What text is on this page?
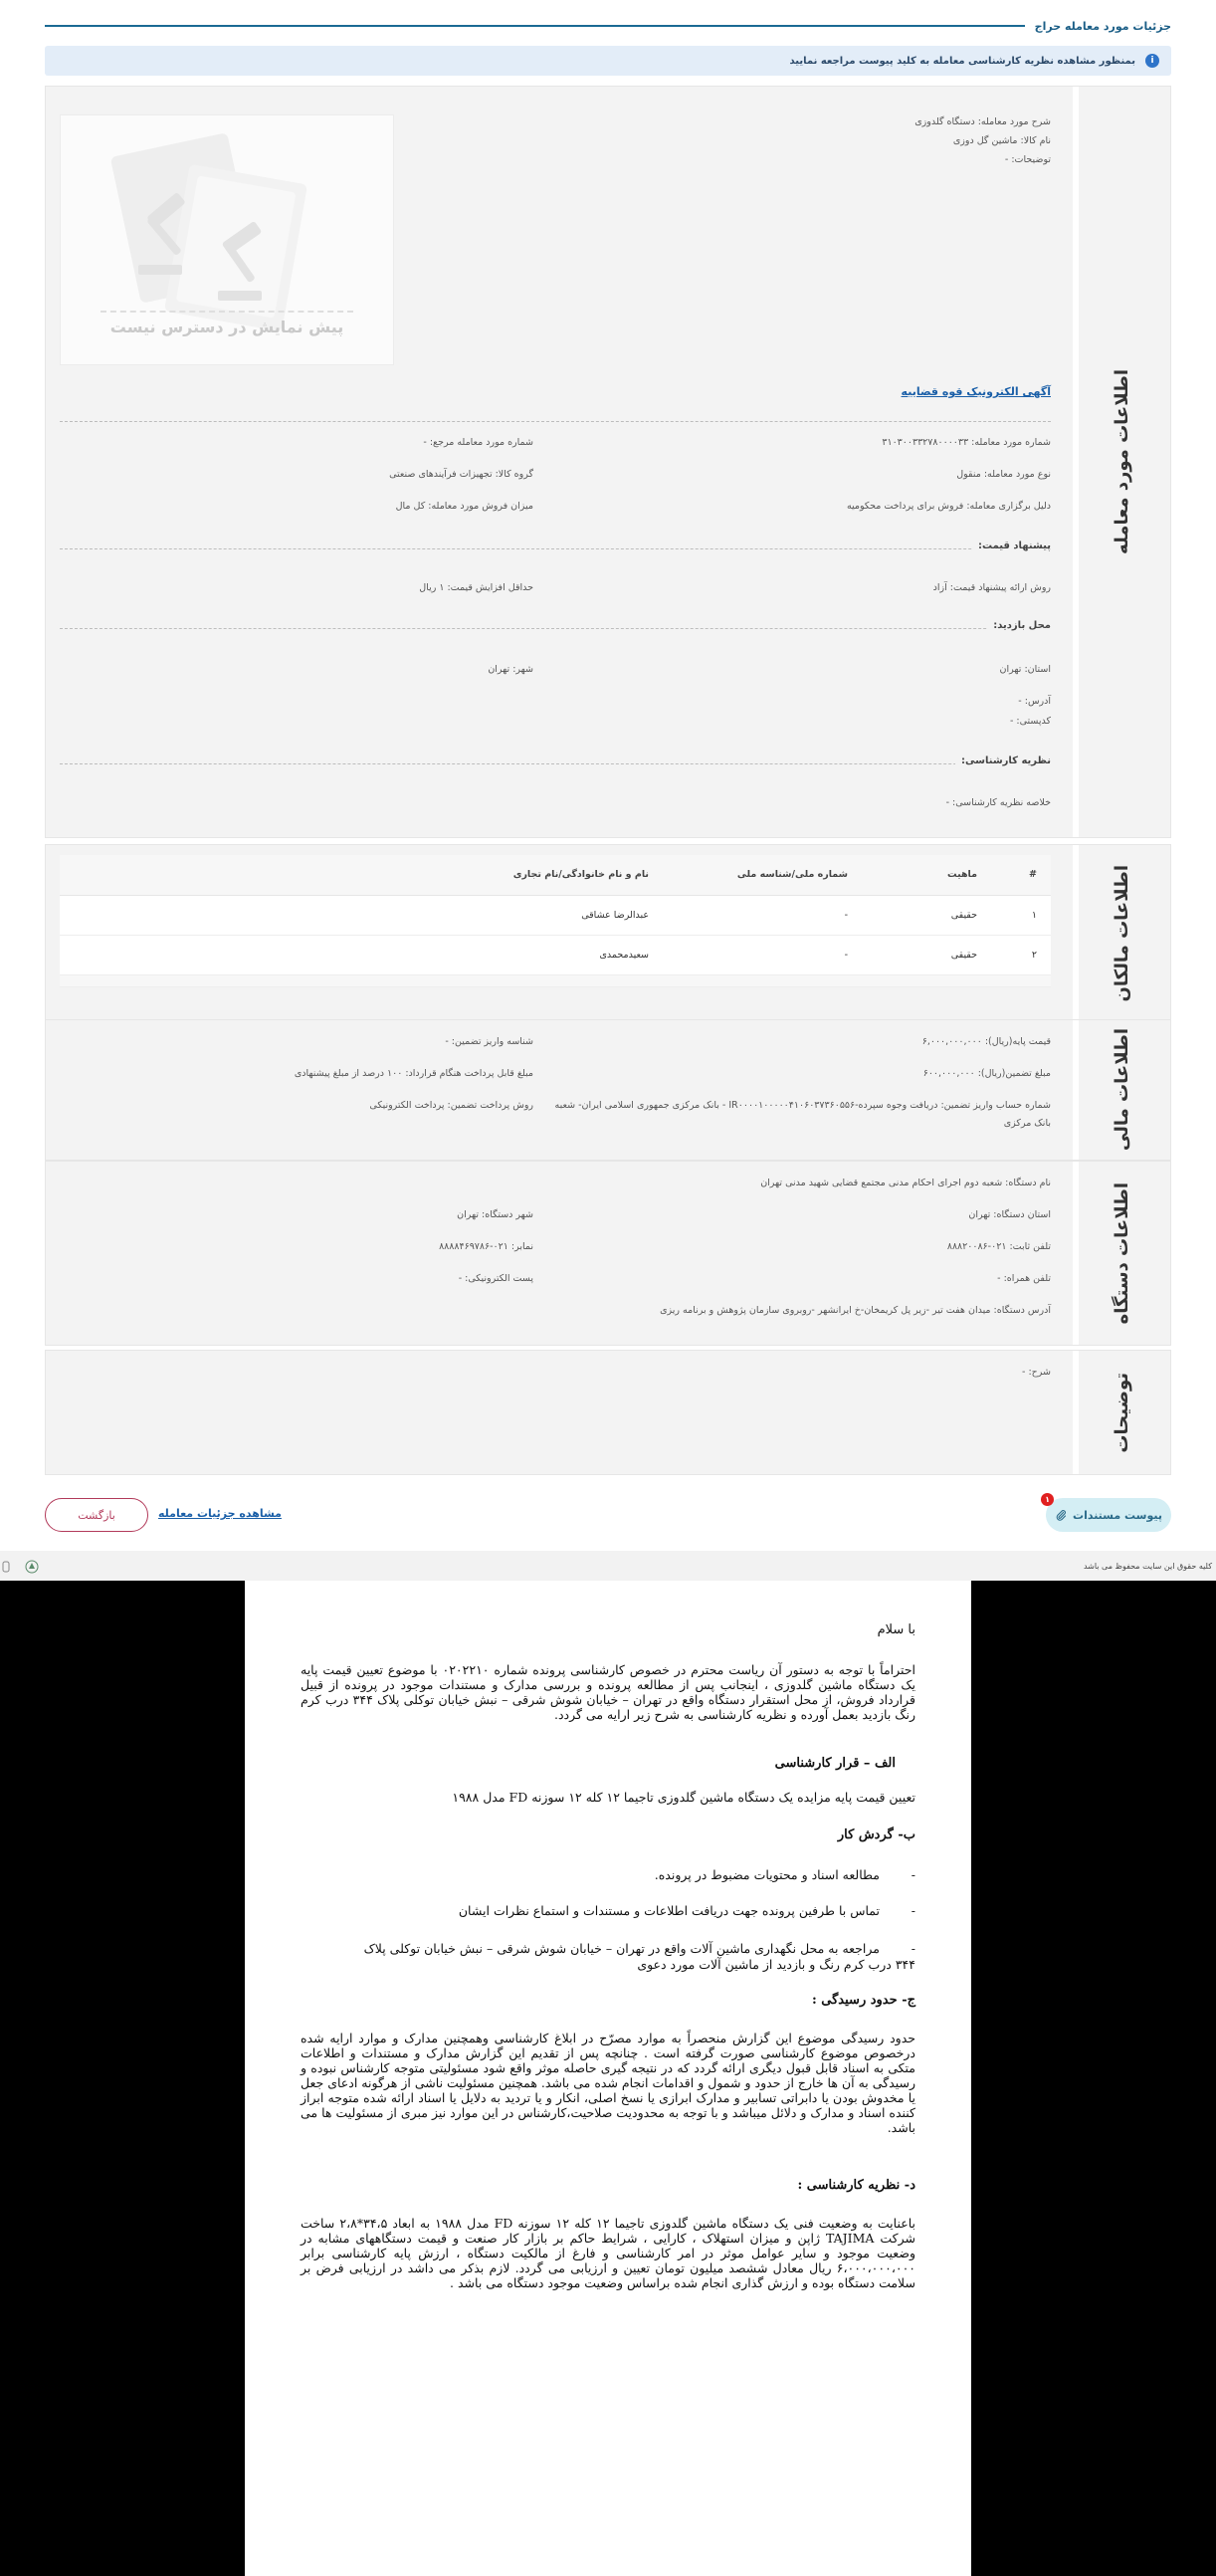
جزئیات مورد معامله حراج
i
بمنظور مشاهده نظریه کارشناسی معامله به کلید پیوست مراجعه نمایید
اطلاعات مورد معامله
شرح مورد معامله: دستگاه گلدوزی
نام کالا: ماشین گل دوزی
توضیحات: -
پیش نمایش در دسترس نیست
آگهی الکترونیک قوه قضاییه
شماره مورد معامله: ۳۱۰۳۰۰۳۳۲۷۸۰۰۰۰۳۳
شماره مورد معامله مرجع: -
نوع مورد معامله: منقول
گروه کالا: تجهیزات فرآیندهای صنعتی
دلیل برگزاری معامله: فروش برای پرداخت محکومیه
میزان فروش مورد معامله: کل مال
پیشنهاد قیمت:
روش ارائه پیشنهاد قیمت: آزاد
حداقل افزایش قیمت: ۱ ریال
محل بازدید:
استان: تهران
شهر: تهران
آدرس: -
کدپستی: -
نظریه کارشناسی:
خلاصه نظریه کارشناسی: -
اطلاعات مالکان
#	ماهیت	شماره ملی/شناسه ملی	نام و نام خانوادگی/نام تجاری
۱	حقیقی	-	عبدالرضا عشاقی
۲	حقیقی	-	سعیدمحمدی

اطلاعات مالی
قیمت پایه(ریال): ۶,۰۰۰,۰۰۰,۰۰۰
شناسه واریز تضمین: -
مبلغ تضمین(ریال): ۶۰۰,۰۰۰,۰۰۰
مبلغ قابل پرداخت هنگام قرارداد: ۱۰۰ درصد از مبلغ پیشنهادی
شماره حساب واریز تضمین: دریافت وجوه سپرده-IR۰۰۰۰۱۰۰۰۰۰۴۱۰۶۰۳۷۳۶۰۵۵۶ - بانک مرکزی جمهوری اسلامی ایران- شعبه
بانک مرکزی
روش پرداخت تضمین: پرداخت الکترونیکی
اطلاعات دستگاه
نام دستگاه: شعبه دوم اجرای احکام مدنی مجتمع قضایی شهید مدنی تهران
استان دستگاه: تهران
شهر دستگاه: تهران
تلفن ثابت: ۰۲۱-۸۸۸۲۰۰۸۶
نمابر: ۰۲۱-۸۸۸۸۴۶۹۷۸۶
تلفن همراه: -
پست الکترونیکی: -
آدرس دستگاه: میدان هفت تیر -زیر پل کریمخان-خ ایرانشهر -روبروی سازمان پژوهش و برنامه ریزی
توضیحات
شرح: -
پیوست مستندات
۱
بازگشت	مشاهده جزئیات معامله
کلیه حقوق این سایت محفوظ می باشد
با سلام
احتراماً با توجه به دستور آن ریاست محترم در خصوص کارشناسی پرونده شماره ۰۲۰۲۲۱۰ با موضوع تعیین قیمت پایه یک دستگاه ماشین گلدوزی ، اینجانب پس از مطالعه پرونده و بررسی مدارک و مستندات موجود در پرونده از قبیل قرارداد فروش، از محل استقرار دستگاه واقع در تهران – خیابان شوش شرقی – نبش خیابان توکلی پلاک ۳۴۴ درب کرم رنگ بازدید بعمل آورده و نظریه کارشناسی به شرح زیر ارایه می گردد.
الف – قرار کارشناسی
تعیین قیمت پایه مزایده یک دستگاه ماشین گلدوزی تاجیما ۱۲ کله ۱۲ سوزنه FD مدل ۱۹۸۸
ب- گردش کار
-        مطالعه اسناد و محتویات مضبوط در پرونده.
-        تماس با طرفین پرونده جهت دریافت اطلاعات و مستندات و استماع نظرات ایشان
-        مراجعه به محل نگهداری ماشین آلات واقع در تهران – خیابان شوش شرقی – نبش خیابان توکلی پلاک
۳۴۴ درب کرم رنگ و بازدید از ماشین آلات مورد دعوی
ج- حدود رسیدگی :
حدود رسیدگی موضوع این گزارش منحصراً به موارد مصرّح در ابلاغ کارشناسی وهمچنین مدارک و موارد ارایه شده درخصوص موضوع کارشناسی صورت گرفته است . چنانچه پس از تقدیم این گزارش مدارک و مستندات و اطلاعات متکی به اسناد قابل قبول دیگری ارائه گردد که در نتیجه گیری حاصله موثر واقع شود مسئولیتی متوجه کارشناس نبوده و رسیدگی به آن ها خارج از حدود و شمول و اقدامات انجام شده می باشد. همچنین مسئولیت ناشی از هرگونه ادعای جعل یا مخدوش بودن یا دابراتی تسابیر و مدارک ابرازی یا نسخ اصلی، انکار و یا تردید به دلایل یا اسناد ارائه شده متوجه ابراز کننده اسناد و مدارک و دلائل میباشد و با توجه به محدودیت صلاحیت،کارشناس در این موارد نیز مبری از مسئولیت ها می باشد.
د- نظریه کارشناسی :
باعنایت به وضعیت فنی یک دستگاه ماشین گلدوزی تاجیما ۱۲ کله ۱۲ سوزنه FD مدل ۱۹۸۸ به ابعاد ۳۴،۵*۲،۸ ساخت شرکت TAJIMA ژاپن و میزان استهلاک ، کارایی ، شرایط حاکم بر بازار کار صنعت و قیمت دستگاههای مشابه در وضعیت موجود و سایر عوامل موثر در امر کارشناسی و فارغ از مالکیت دستگاه ، ارزش پایه کارشناسی برابر ۶،۰۰۰،۰۰۰،۰۰۰ ریال معادل ششصد میلیون تومان تعیین و ارزیابی می گردد. لازم بذکر می داشد در ارزیابی فرض بر سلامت دستگاه بوده و ارزش گذاری انجام شده براساس وضعیت موجود دستگاه می باشد .
